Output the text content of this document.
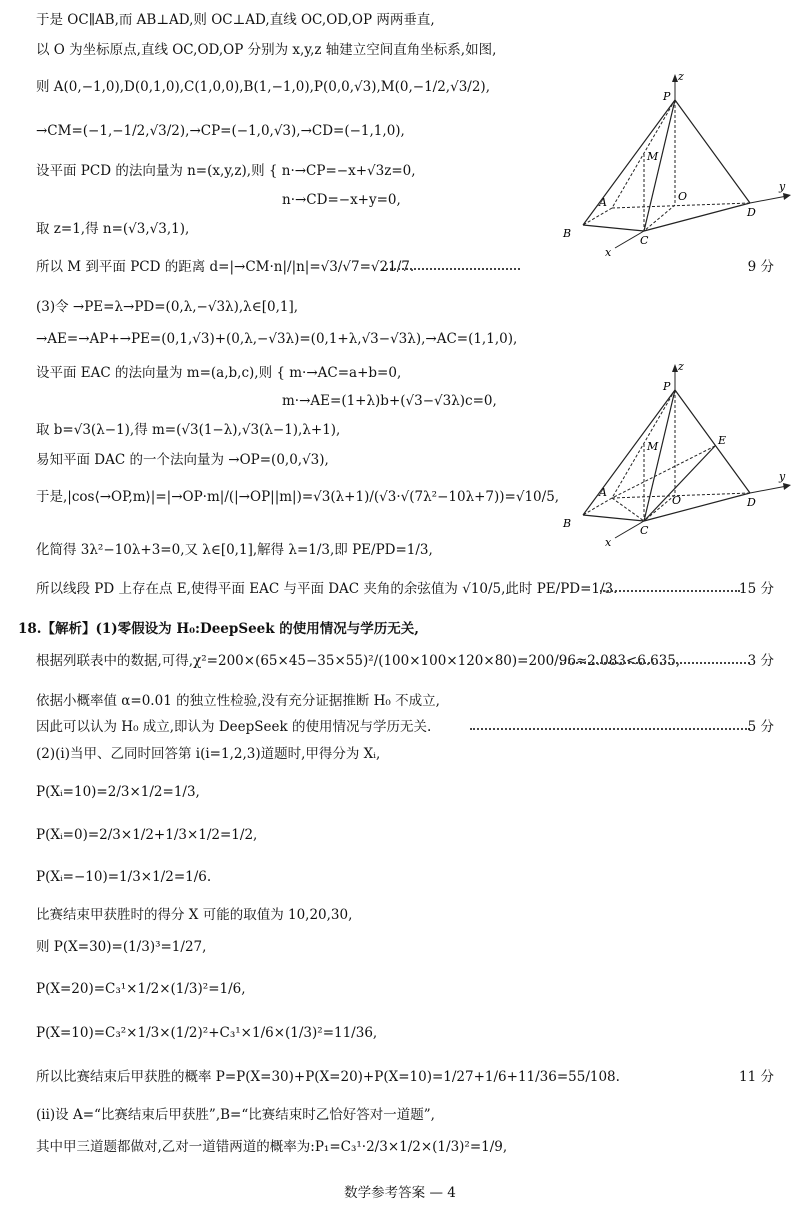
于是 OC∥AB,而 AB⊥AD,则 OC⊥AD,直线 OC,OD,OP 两两垂直,
以 O 为坐标原点,直线 OC,OD,OP 分别为 x,y,z 轴建立空间直角坐标系,如图,
则 A(0,−1,0),D(0,1,0),C(1,0,0),B(1,−1,0),P(0,0,√3),M(0,−1/2,√3/2),
→CM=(−1,−1/2,√3/2),→CP=(−1,0,√3),→CD=(−1,1,0),
设平面 PCD 的法向量为 n=(x,y,z),则 { n·→CP=−x+√3z=0,
n·→CD=−x+y=0,
取 z=1,得 n=(√3,√3,1),
所以 M 到平面 PCD 的距离 d=|→CM·n|/|n|=√3/√7=√21/7.	9 分
(3)令 →PE=λ→PD=(0,λ,−√3λ),λ∈[0,1],
→AE=→AP+→PE=(0,1,√3)+(0,λ,−√3λ)=(0,1+λ,√3−√3λ),→AC=(1,1,0),
设平面 EAC 的法向量为 m=(a,b,c),则 { m·→AC=a+b=0,
m·→AE=(1+λ)b+(√3−√3λ)c=0,
取 b=√3(λ−1),得 m=(√3(1−λ),√3(λ−1),λ+1),
易知平面 DAC 的一个法向量为 →OP=(0,0,√3),
于是,|cos⟨→OP,m⟩|=|→OP·m|/(|→OP||m|)=√3(λ+1)/(√3·√(7λ²−10λ+7))=√10/5,
化简得 3λ²−10λ+3=0,又 λ∈[0,1],解得 λ=1/3,即 PE/PD=1/3,
所以线段 PD 上存在点 E,使得平面 EAC 与平面 DAC 夹角的余弦值为 √10/5,此时 PE/PD=1/3.	15 分
18.【解析】(1)零假设为 H₀:DeepSeek 的使用情况与学历无关,
根据列联表中的数据,可得,χ²=200×(65×45−35×55)²/(100×100×120×80)=200/96≈2.083<6.635,	3 分
依据小概率值 α=0.01 的独立性检验,没有充分证据推断 H₀ 不成立,
因此可以认为 H₀ 成立,即认为 DeepSeek 的使用情况与学历无关.	5 分
(2)(ⅰ)当甲、乙同时回答第 i(i=1,2,3)道题时,甲得分为 Xᵢ,
P(Xᵢ=10)=2/3×1/2=1/3,
P(Xᵢ=0)=2/3×1/2+1/3×1/2=1/2,
P(Xᵢ=−10)=1/3×1/2=1/6.
比赛结束甲获胜时的得分 X 可能的取值为 10,20,30,
则 P(X=30)=(1/3)³=1/27,
P(X=20)=C₃¹×1/2×(1/3)²=1/6,
P(X=10)=C₃²×1/3×(1/2)²+C₃¹×1/6×(1/3)²=11/36,
所以比赛结束后甲获胜的概率 P=P(X=30)+P(X=20)+P(X=10)=1/27+1/6+11/36=55/108.	11 分
(ⅱ)设 A=“比赛结束后甲获胜”,B=“比赛结束时乙恰好答对一道题”,
其中甲三道题都做对,乙对一道错两道的概率为:P₁=C₃¹·2/3×1/2×(1/3)²=1/9,
z
P
M
O
y
A
D
B
C
x
z
P
M	E
O
y
A
D
B
C
x
数学参考答案 — 4
